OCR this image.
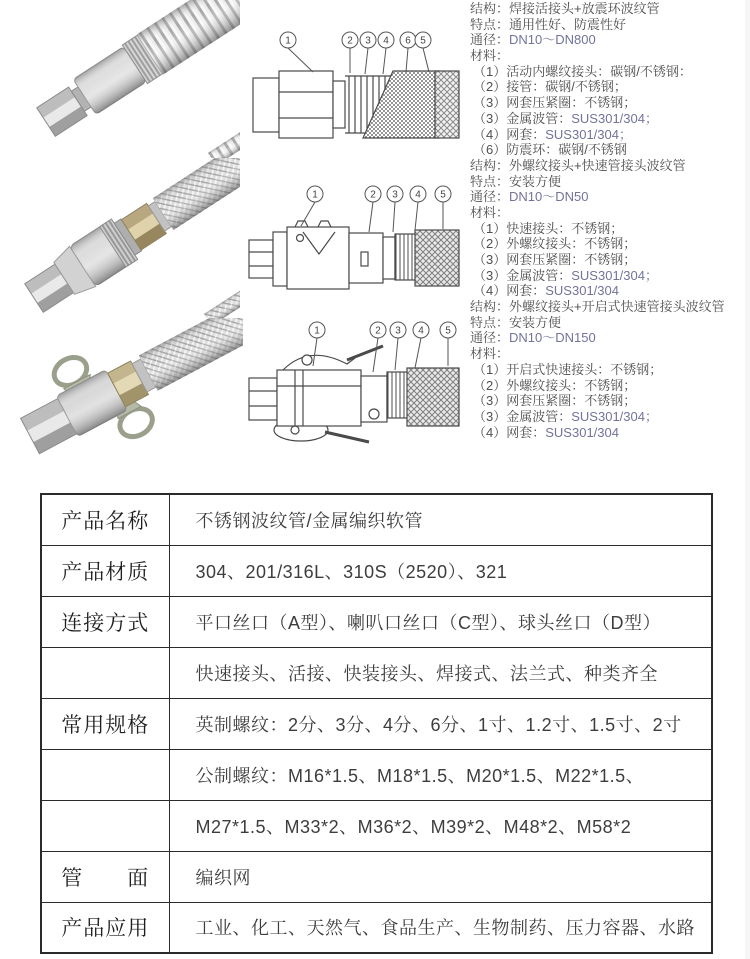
1	2 3 4 6 5
1	2 3 4 5
1	2 3 4 5
结构：焊接活接头+放震环波纹管
特点：通用性好、防震性好
通径：DN10～DN800
材料：
（1）活动内螺纹接头：碳钢/不锈钢：
（2）接管：碳钢/不锈钢；
（3）网套压紧圈：不锈钢；
（3）金属波管：SUS301/304；
（4）网套：SUS301/304；
（6）防震环：碳钢/不锈钢
结构：外螺纹接头+快速管接头波纹管
特点：安装方便
通径：DN10～DN50
材料：
（1）快速接头：不锈钢；
（2）外螺纹接头：不锈钢；
（3）网套压紧圈：不锈钢；
（3）金属波管：SUS301/304；
（4）网套：SUS301/304
结构：外螺纹接头+开启式快速管接头波纹管
特点：安装方便
通径：DN10～DN150
材料：
（1）开启式快速接头：不锈钢；
（2）外螺纹接头：不锈钢；
（3）网套压紧圈：不锈钢；
（3）金属波管：SUS301/304；
（4）网套：SUS301/304
产品名称	不锈钢波纹管/金属编织软管
产品材质	304、201/316L、310S（2520）、321
连接方式	平口丝口（A型）、喇叭口丝口（C型）、球头丝口（D型）
	快速接头、活接、快装接头、焊接式、法兰式、种类齐全
常用规格	英制螺纹：2分、3分、4分、6分、1寸、1.2寸、1.5寸、2寸
	公制螺纹：M16*1.5、M18*1.5、M20*1.5、M22*1.5、
	M27*1.5、M33*2、M36*2、M39*2、M48*2、M58*2
管　　面	编织网
产品应用	工业、化工、天然气、食品生产、生物制药、压力容器、水路
